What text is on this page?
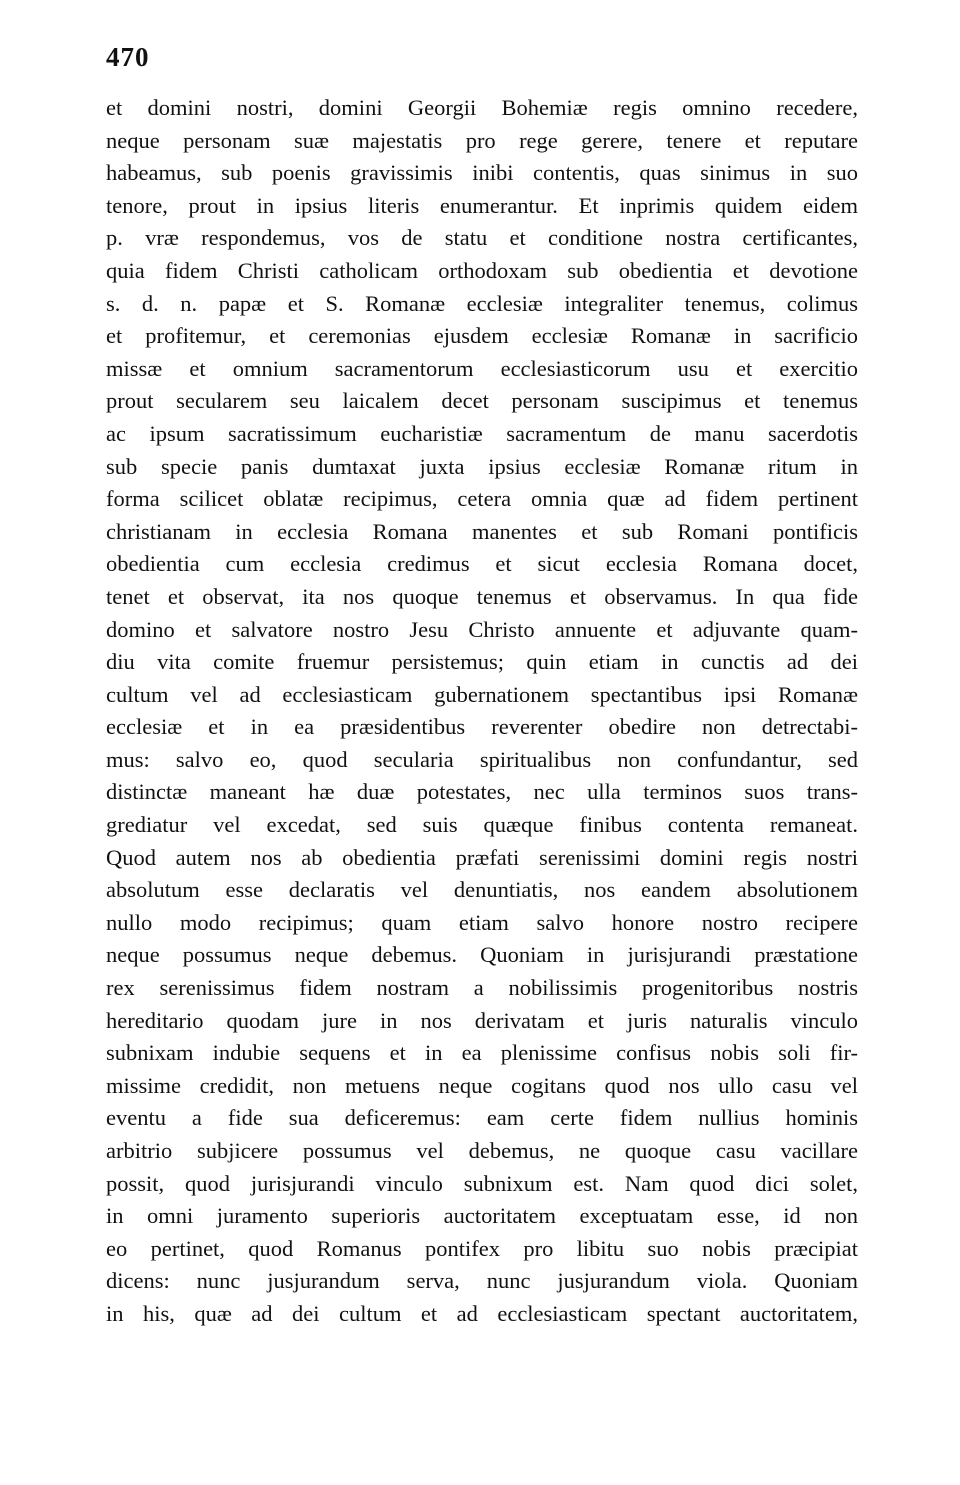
470
et domini nostri, domini Georgii Bohemiæ regis omnino recedere,
neque personam suæ majestatis pro rege gerere, tenere et reputare
habeamus, sub poenis gravissimis inibi contentis, quas sinimus in suo
tenore, prout in ipsius literis enumerantur. Et inprimis quidem eidem
p. vræ respondemus, vos de statu et conditione nostra certificantes,
quia fidem Christi catholicam orthodoxam sub obedientia et devotione
s. d. n. papæ et S. Romanæ ecclesiæ integraliter tenemus, colimus
et profitemur, et ceremonias ejusdem ecclesiæ Romanæ in sacrificio
missæ et omnium sacramentorum ecclesiasticorum usu et exercitio
prout secularem seu laicalem decet personam suscipimus et tenemus
ac ipsum sacratissimum eucharistiæ sacramentum de manu sacerdotis
sub specie panis dumtaxat juxta ipsius ecclesiæ Romanæ ritum in
forma scilicet oblatæ recipimus, cetera omnia quæ ad fidem pertinent
christianam in ecclesia Romana manentes et sub Romani pontificis
obedientia cum ecclesia credimus et sicut ecclesia Romana docet,
tenet et observat, ita nos quoque tenemus et observamus. In qua fide
domino et salvatore nostro Jesu Christo annuente et adjuvante quam-
diu vita comite fruemur persistemus; quin etiam in cunctis ad dei
cultum vel ad ecclesiasticam gubernationem spectantibus ipsi Romanæ
ecclesiæ et in ea præsidentibus reverenter obedire non detrectabi-
mus: salvo eo, quod secularia spiritualibus non confundantur, sed
distinctæ maneant hæ duæ potestates, nec ulla terminos suos trans-
grediatur vel excedat, sed suis quæque finibus contenta remaneat.
Quod autem nos ab obedientia præfati serenissimi domini regis nostri
absolutum esse declaratis vel denuntiatis, nos eandem absolutionem
nullo modo recipimus; quam etiam salvo honore nostro recipere
neque possumus neque debemus. Quoniam in jurisjurandi præstatione
rex serenissimus fidem nostram a nobilissimis progenitoribus nostris
hereditario quodam jure in nos derivatam et juris naturalis vinculo
subnixam indubie sequens et in ea plenissime confisus nobis soli fir-
missime credidit, non metuens neque cogitans quod nos ullo casu vel
eventu a fide sua deficeremus: eam certe fidem nullius hominis
arbitrio subjicere possumus vel debemus, ne quoque casu vacillare
possit, quod jurisjurandi vinculo subnixum est. Nam quod dici solet,
in omni juramento superioris auctoritatem exceptuatam esse, id non
eo pertinet, quod Romanus pontifex pro libitu suo nobis præcipiat
dicens: nunc jusjurandum serva, nunc jusjurandum viola. Quoniam
in his, quæ ad dei cultum et ad ecclesiasticam spectant auctoritatem,
